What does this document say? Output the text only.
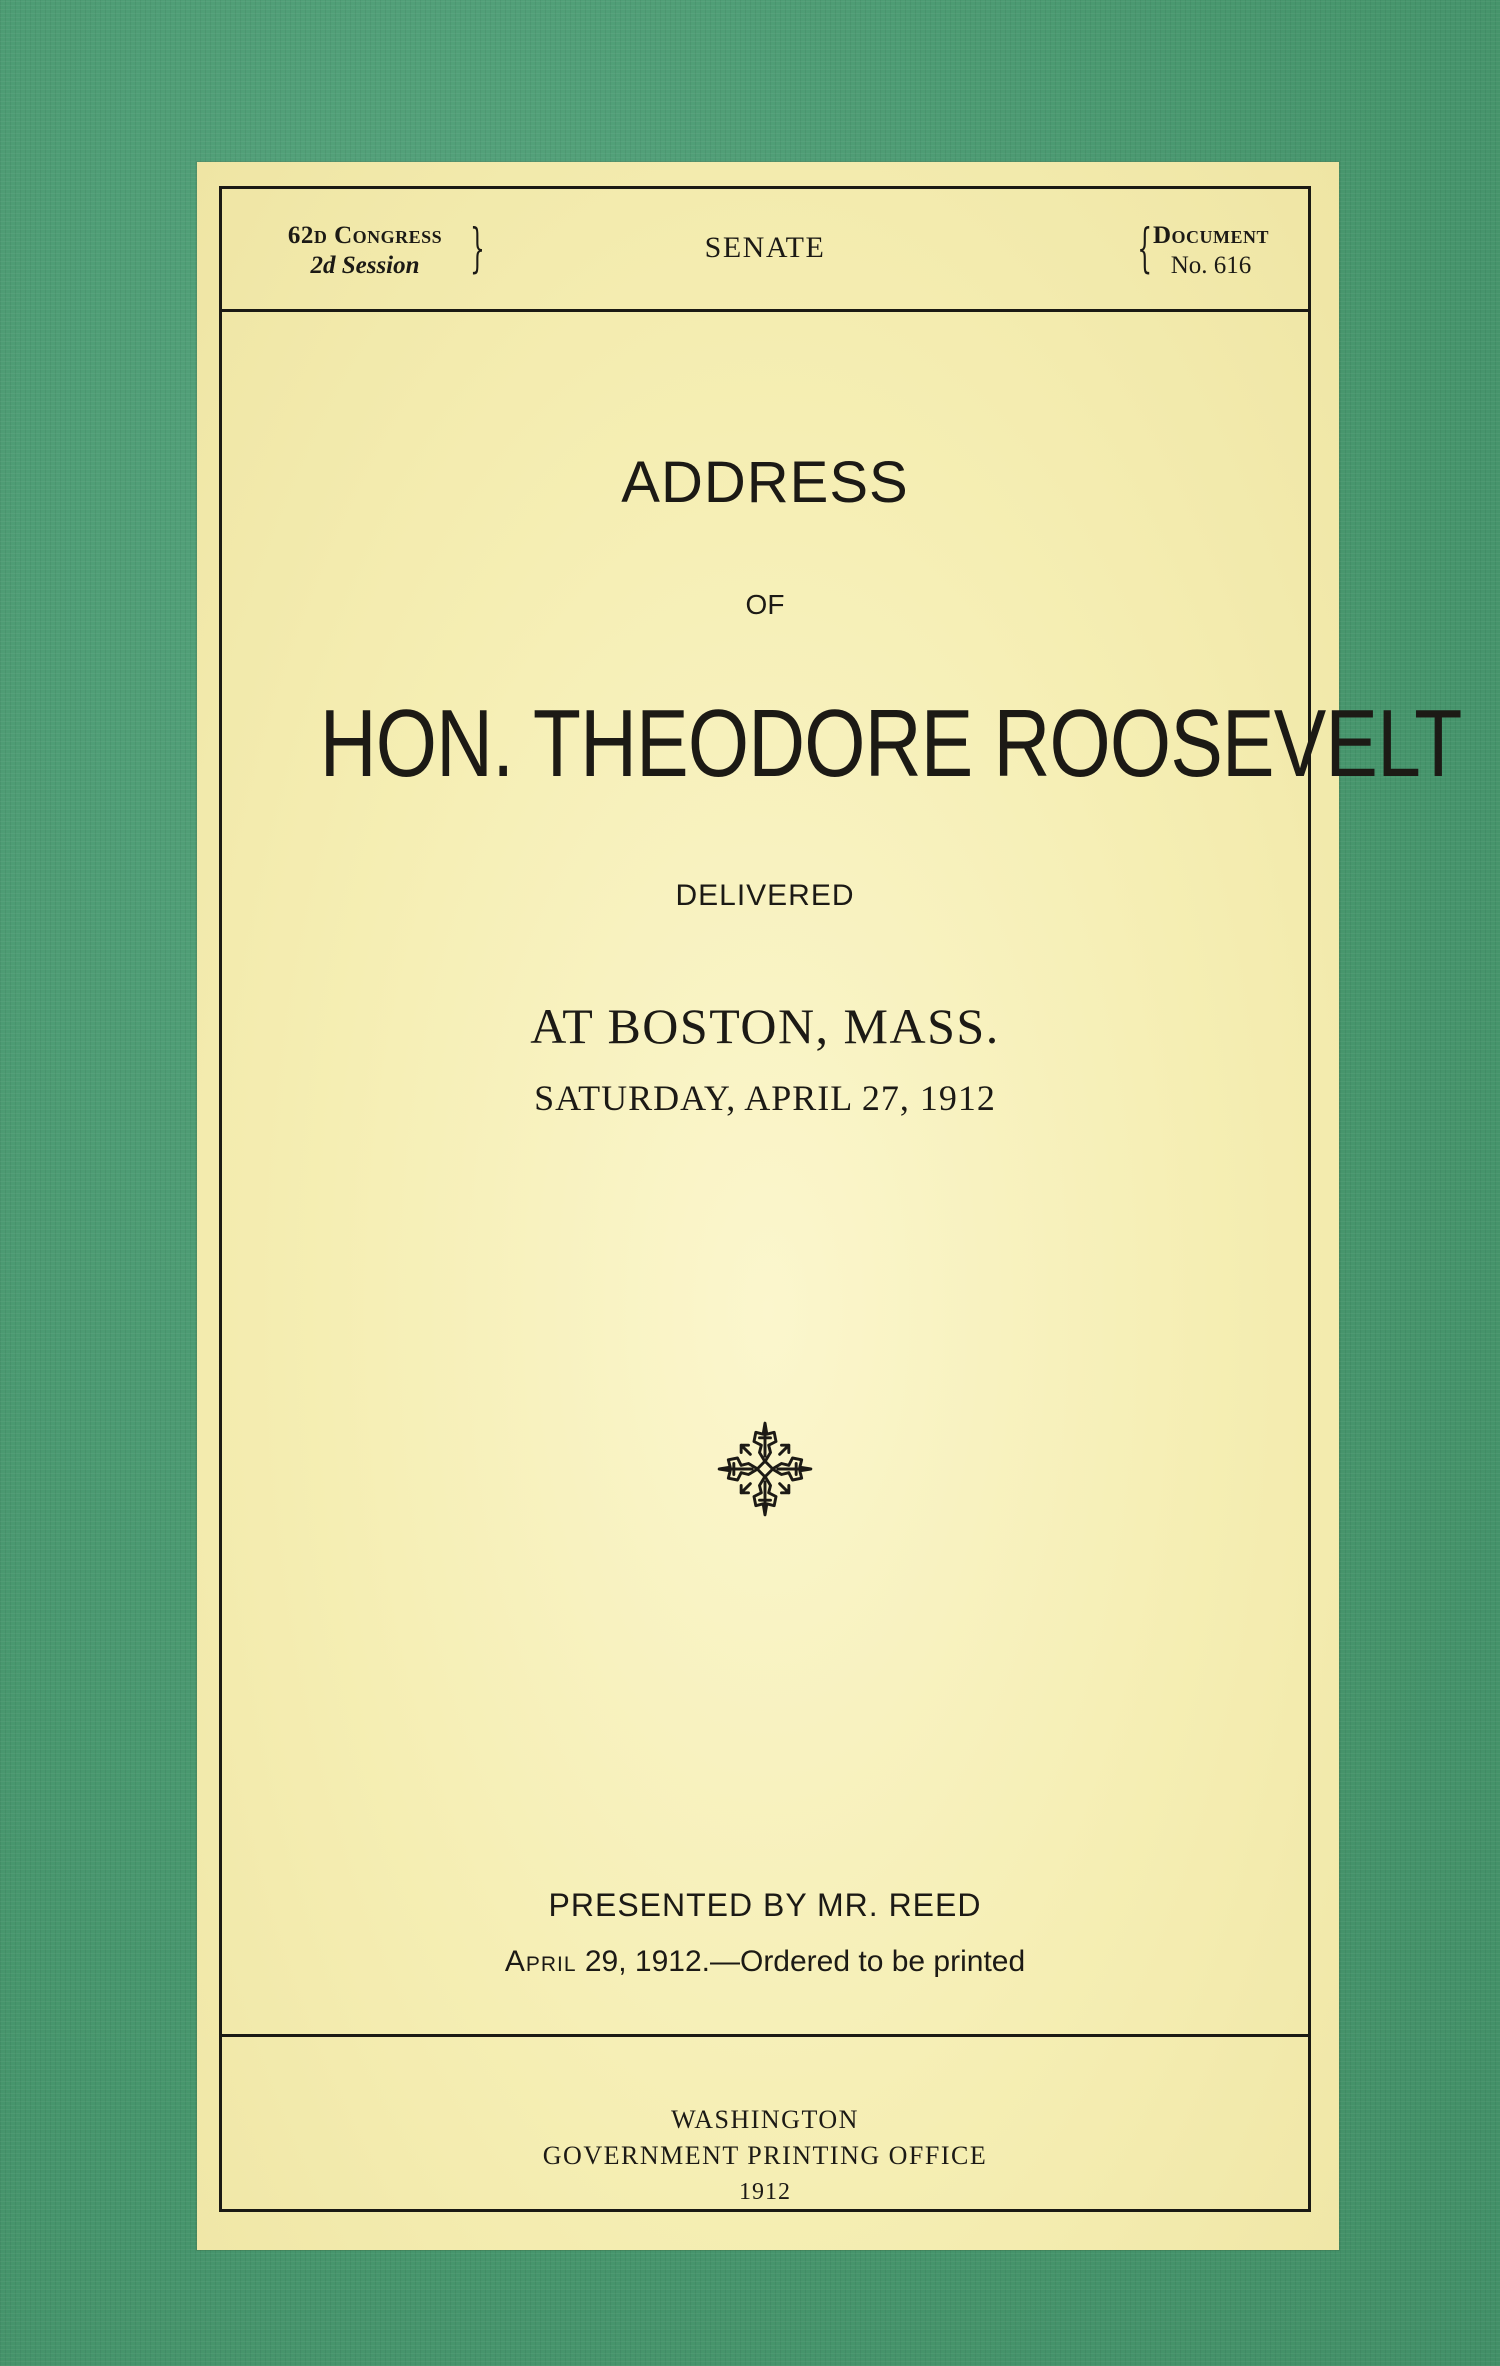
62d Congress
2d Session }	SENATE	{ Document
No. 616
ADDRESS
OF
HON. THEODORE ROOSEVELT
DELIVERED
AT BOSTON, MASS.
SATURDAY, APRIL 27, 1912
PRESENTED BY MR. REED
April 29, 1912.—Ordered to be printed
WASHINGTON
GOVERNMENT PRINTING OFFICE
1912
